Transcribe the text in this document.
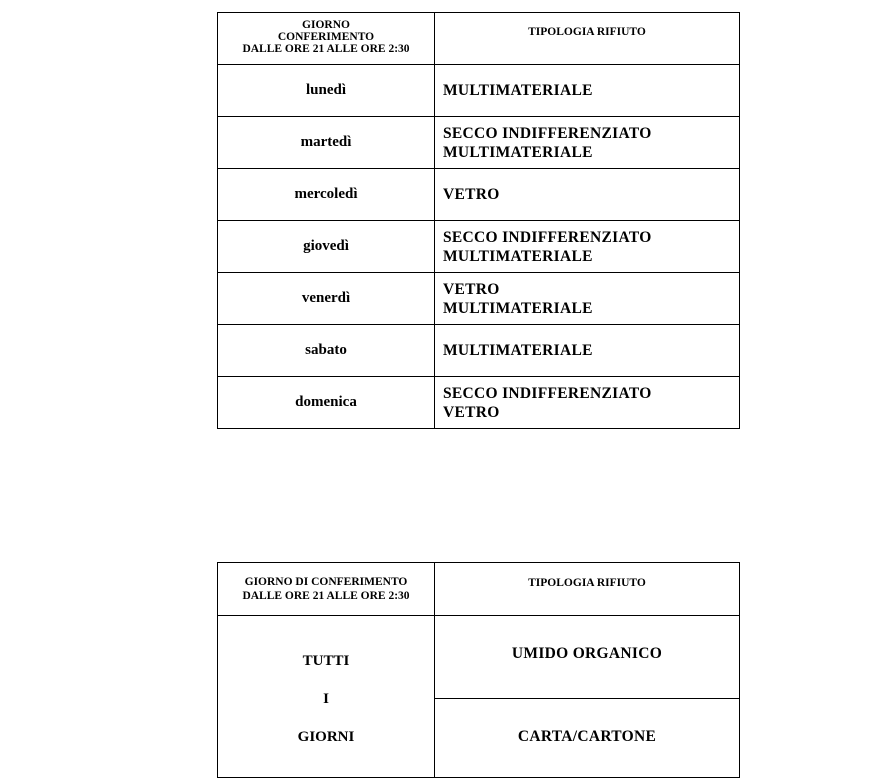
GIORNO
CONFERIMENTO
DALLE ORE 21 ALLE ORE 2:30	TIPOLOGIA RIFIUTO

lunedì	MULTIMATERIALE

martedì	SECCO INDIFFERENZIATO
MULTIMATERIALE

mercoledì	VETRO

giovedì	SECCO INDIFFERENZIATO
MULTIMATERIALE

venerdì	VETRO
MULTIMATERIALE

sabato	MULTIMATERIALE

domenica	SECCO INDIFFERENZIATO
VETRO
GIORNO DI CONFERIMENTO
DALLE ORE 21 ALLE ORE 2:30	TIPOLOGIA RIFIUTO

TUTTI
I
GIORNI	UMIDO ORGANICO
	CARTA/CARTONE
